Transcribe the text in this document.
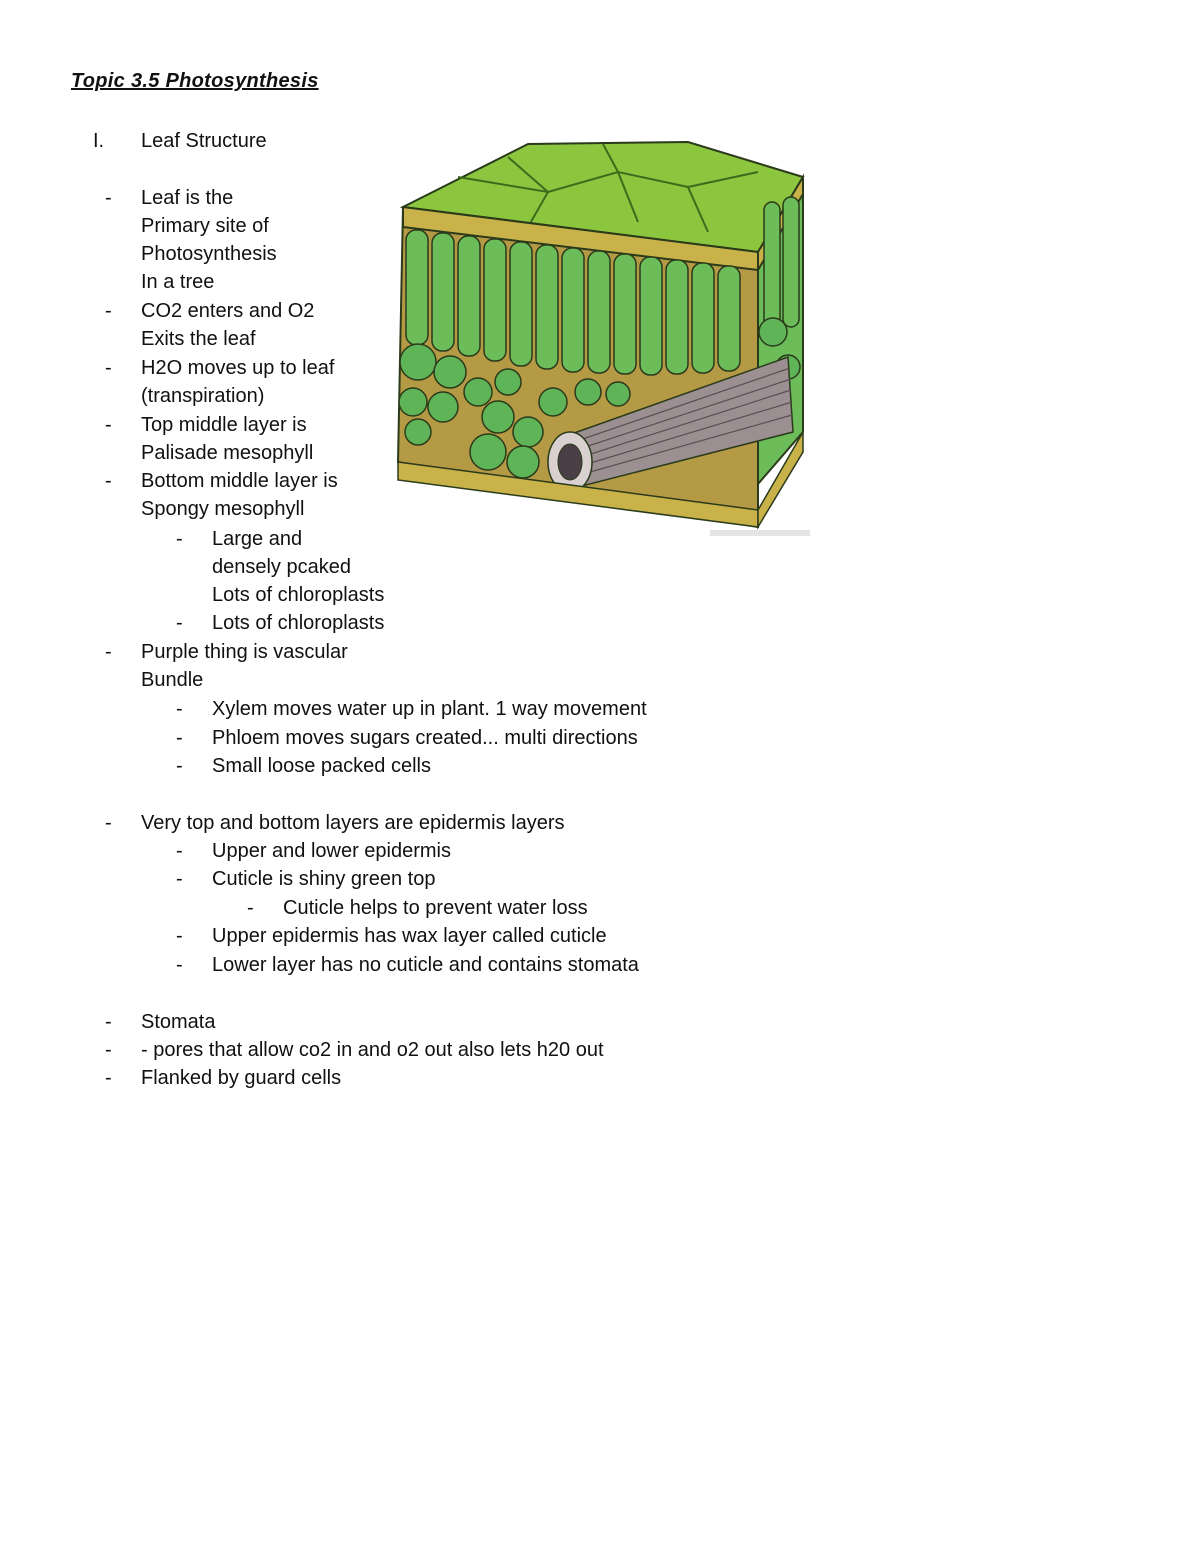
Topic 3.5 Photosynthesis
I. Leaf Structure
- Leaf is the
Primary site of
Photosynthesis
In a tree
- CO2 enters and O2
Exits the leaf
- H2O moves up to leaf
(transpiration)
- Top middle layer is
Palisade mesophyll
- Bottom middle layer is
Spongy mesophyll
- Large and
densely pcaked
Lots of chloroplasts
- Lots of chloroplasts
- Purple thing is vascular
Bundle
- Xylem moves water up in plant. 1 way movement
- Phloem moves sugars created... multi directions
- Small loose packed cells
- Very top and bottom layers are epidermis layers
- Upper and lower epidermis
- Cuticle is shiny green top
- Cuticle helps to prevent water loss
- Upper epidermis has wax layer called cuticle
- Lower layer has no cuticle and contains stomata
- Stomata
- - pores that allow co2 in and o2 out also lets h20 out
- Flanked by guard cells
